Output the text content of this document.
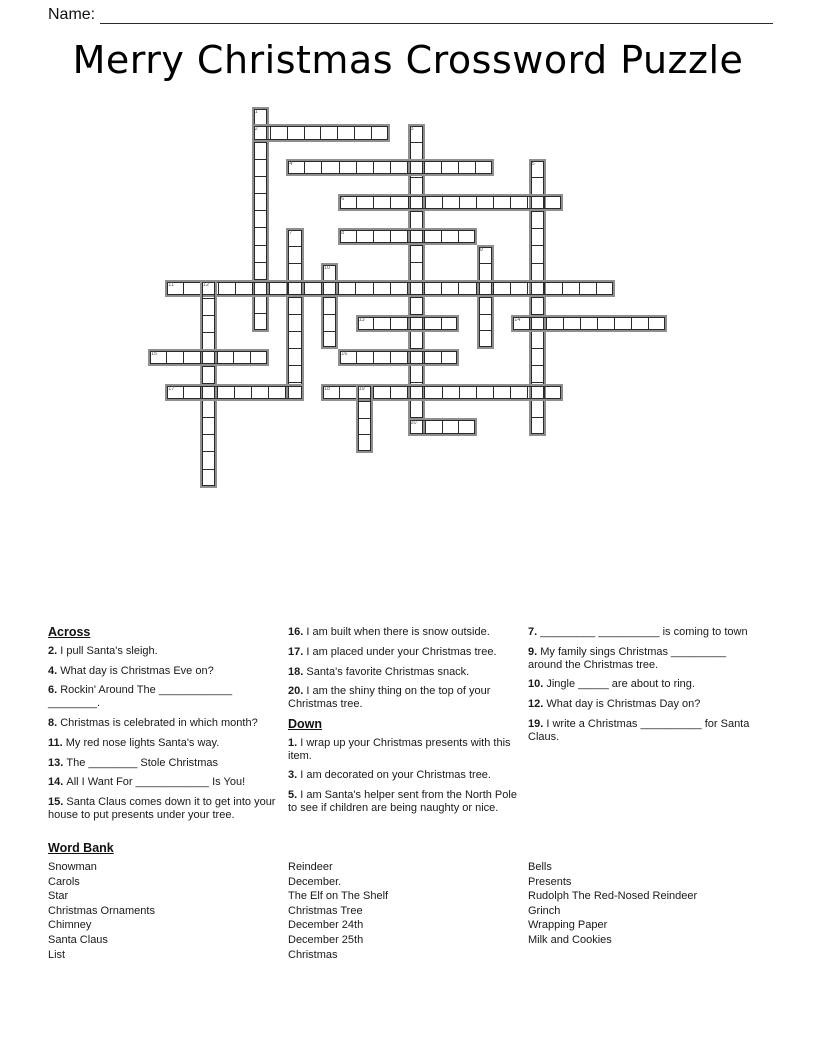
Name:
Merry Christmas Crossword Puzzle
1
2	3
4	5
6
7	8
9
10
11	12
13	14
15	16
17	18	19
20
Across
2. I pull Santa's sleigh.
4. What day is Christmas Eve on?
6. Rockin' Around The ____________ ________.
8. Christmas is celebrated in which month?
11. My red nose lights Santa's way.
13. The ________ Stole Christmas
14. All I Want For ____________ Is You!
15. Santa Claus comes down it to get into your house to put presents under your tree.
16. I am built when there is snow outside.
17. I am placed under your Christmas tree.
18. Santa's favorite Christmas snack.
20. I am the shiny thing on the top of your Christmas tree.
Down
1. I wrap up your Christmas presents with this item.
3. I am decorated on your Christmas tree.
5. I am Santa's helper sent from the North Pole to see if children are being naughty or nice.
7. _________ __________ is coming to town
9. My family sings Christmas _________ around the Christmas tree.
10. Jingle _____ are about to ring.
12. What day is Christmas Day on?
19. I write a Christmas __________ for Santa Claus.
Word Bank
Snowman
Carols
Star
Christmas Ornaments
Chimney
Santa Claus
List
Reindeer
December.
The Elf on The Shelf
Christmas Tree
December 24th
December 25th
Christmas
Bells
Presents
Rudolph The Red-Nosed Reindeer
Grinch
Wrapping Paper
Milk and Cookies
